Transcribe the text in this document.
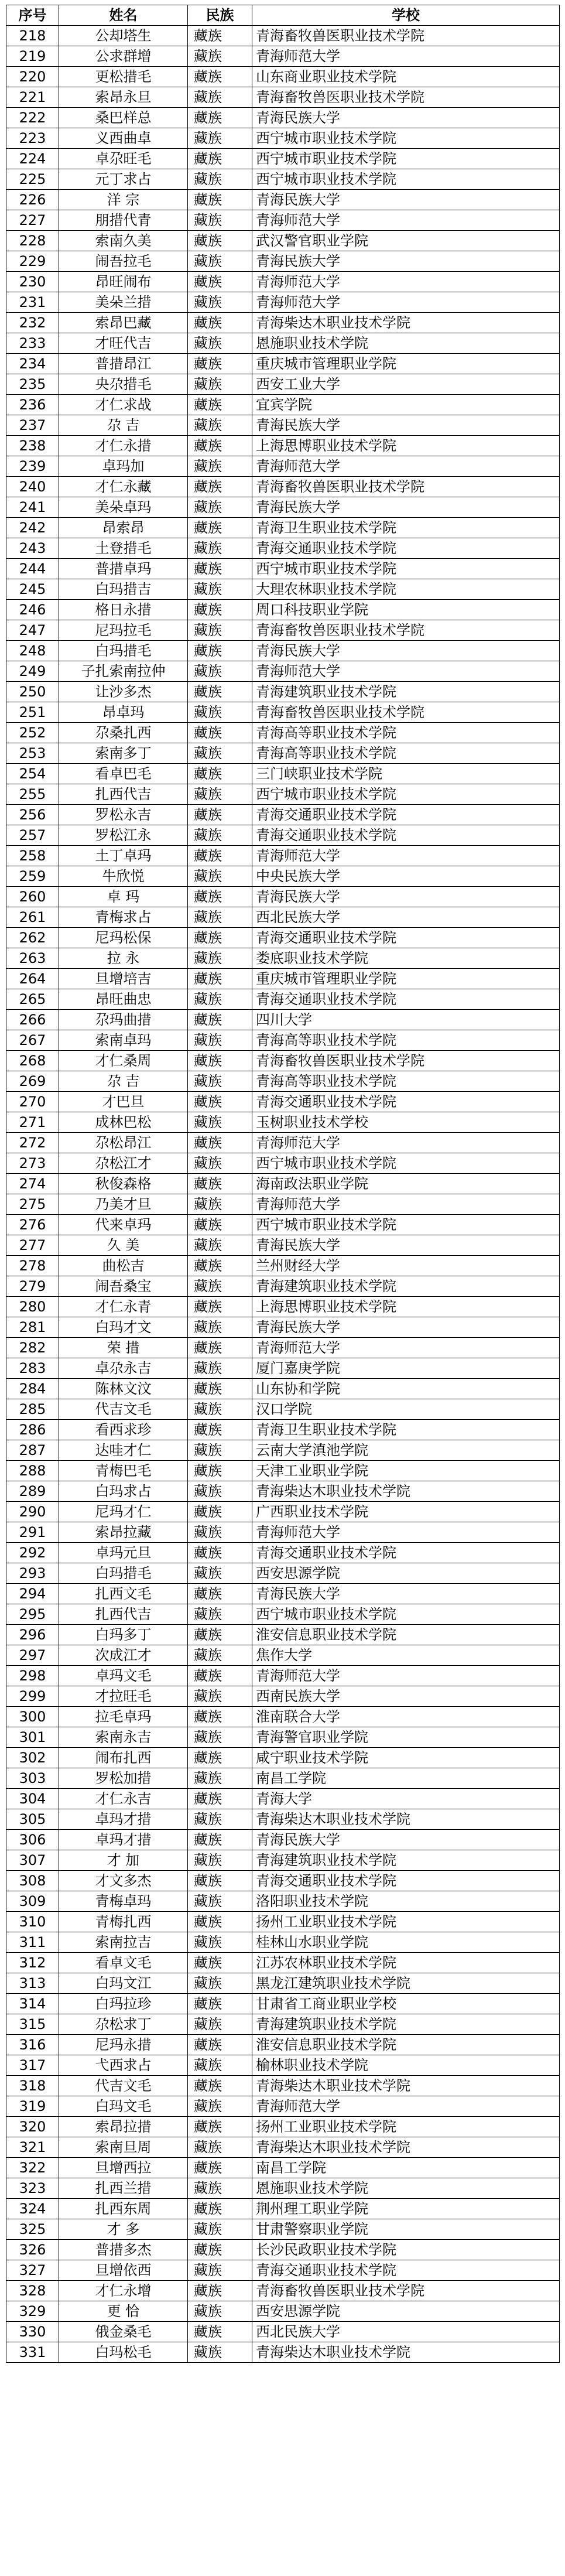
序号	姓名	民族	学校
218	公却塔生	藏族	青海畜牧兽医职业技术学院
219	公求群增	藏族	青海师范大学
220	更松措毛	藏族	山东商业职业技术学院
221	索昂永旦	藏族	青海畜牧兽医职业技术学院
222	桑巴样总	藏族	青海民族大学
223	义西曲卓	藏族	西宁城市职业技术学院
224	卓尕旺毛	藏族	西宁城市职业技术学院
225	元丁求占	藏族	西宁城市职业技术学院
226	洋 宗	藏族	青海民族大学
227	朋措代青	藏族	青海师范大学
228	索南久美	藏族	武汉警官职业学院
229	闹吾拉毛	藏族	青海民族大学
230	昂旺闹布	藏族	青海师范大学
231	美朵兰措	藏族	青海师范大学
232	索昂巴藏	藏族	青海柴达木职业技术学院
233	才旺代吉	藏族	恩施职业技术学院
234	普措昂江	藏族	重庆城市管理职业学院
235	央尕措毛	藏族	西安工业大学
236	才仁求战	藏族	宜宾学院
237	尕 吉	藏族	青海民族大学
238	才仁永措	藏族	上海思博职业技术学院
239	卓玛加	藏族	青海师范大学
240	才仁永藏	藏族	青海畜牧兽医职业技术学院
241	美朵卓玛	藏族	青海民族大学
242	昂索昂	藏族	青海卫生职业技术学院
243	土登措毛	藏族	青海交通职业技术学院
244	普措卓玛	藏族	西宁城市职业技术学院
245	白玛措吉	藏族	大理农林职业技术学院
246	格日永措	藏族	周口科技职业学院
247	尼玛拉毛	藏族	青海畜牧兽医职业技术学院
248	白玛措毛	藏族	青海民族大学
249	子扎索南拉仲	藏族	青海师范大学
250	让沙多杰	藏族	青海建筑职业技术学院
251	昂卓玛	藏族	青海畜牧兽医职业技术学院
252	尕桑扎西	藏族	青海高等职业技术学院
253	索南多丁	藏族	青海高等职业技术学院
254	看卓巴毛	藏族	三门峡职业技术学院
255	扎西代吉	藏族	西宁城市职业技术学院
256	罗松永吉	藏族	青海交通职业技术学院
257	罗松江永	藏族	青海交通职业技术学院
258	土丁卓玛	藏族	青海师范大学
259	牛欣悦	藏族	中央民族大学
260	卓 玛	藏族	青海民族大学
261	青梅求占	藏族	西北民族大学
262	尼玛松保	藏族	青海交通职业技术学院
263	拉 永	藏族	娄底职业技术学院
264	旦增培吉	藏族	重庆城市管理职业学院
265	昂旺曲忠	藏族	青海交通职业技术学院
266	尕玛曲措	藏族	四川大学
267	索南卓玛	藏族	青海高等职业技术学院
268	才仁桑周	藏族	青海畜牧兽医职业技术学院
269	尕 吉	藏族	青海高等职业技术学院
270	才巴旦	藏族	青海交通职业技术学院
271	成林巴松	藏族	玉树职业技术学校
272	尕松昂江	藏族	青海师范大学
273	尕松江才	藏族	西宁城市职业技术学院
274	秋俊森格	藏族	海南政法职业学院
275	乃美才旦	藏族	青海师范大学
276	代来卓玛	藏族	西宁城市职业技术学院
277	久 美	藏族	青海民族大学
278	曲松吉	藏族	兰州财经大学
279	闹吾桑宝	藏族	青海建筑职业技术学院
280	才仁永青	藏族	上海思博职业技术学院
281	白玛才文	藏族	青海民族大学
282	荣 措	藏族	青海师范大学
283	卓尕永吉	藏族	厦门嘉庚学院
284	陈林文汶	藏族	山东协和学院
285	代吉文毛	藏族	汉口学院
286	看西求珍	藏族	青海卫生职业技术学院
287	达哇才仁	藏族	云南大学滇池学院
288	青梅巴毛	藏族	天津工业职业学院
289	白玛求占	藏族	青海柴达木职业技术学院
290	尼玛才仁	藏族	广西职业技术学院
291	索昂拉藏	藏族	青海师范大学
292	卓玛元旦	藏族	青海交通职业技术学院
293	白玛措毛	藏族	西安思源学院
294	扎西文毛	藏族	青海民族大学
295	扎西代吉	藏族	西宁城市职业技术学院
296	白玛多丁	藏族	淮安信息职业技术学院
297	次成江才	藏族	焦作大学
298	卓玛文毛	藏族	青海师范大学
299	才拉旺毛	藏族	西南民族大学
300	拉毛卓玛	藏族	淮南联合大学
301	索南永吉	藏族	青海警官职业学院
302	闹布扎西	藏族	咸宁职业技术学院
303	罗松加措	藏族	南昌工学院
304	才仁永吉	藏族	青海大学
305	卓玛才措	藏族	青海柴达木职业技术学院
306	卓玛才措	藏族	青海民族大学
307	才 加	藏族	青海建筑职业技术学院
308	才文多杰	藏族	青海交通职业技术学院
309	青梅卓玛	藏族	洛阳职业技术学院
310	青梅扎西	藏族	扬州工业职业技术学院
311	索南拉吉	藏族	桂林山水职业学院
312	看卓文毛	藏族	江苏农林职业技术学院
313	白玛文江	藏族	黑龙江建筑职业技术学院
314	白玛拉珍	藏族	甘肃省工商业职业学校
315	尕松求丁	藏族	青海建筑职业技术学院
316	尼玛永措	藏族	淮安信息职业技术学院
317	弋西求占	藏族	榆林职业技术学院
318	代吉文毛	藏族	青海柴达木职业技术学院
319	白玛文毛	藏族	青海师范大学
320	索昂拉措	藏族	扬州工业职业技术学院
321	索南旦周	藏族	青海柴达木职业技术学院
322	旦增西拉	藏族	南昌工学院
323	扎西兰措	藏族	恩施职业技术学院
324	扎西东周	藏族	荆州理工职业学院
325	才 多	藏族	甘肃警察职业学院
326	普措多杰	藏族	长沙民政职业技术学院
327	旦增依西	藏族	青海交通职业技术学院
328	才仁永增	藏族	青海畜牧兽医职业技术学院
329	更 恰	藏族	西安思源学院
330	俄金桑毛	藏族	西北民族大学
331	白玛松毛	藏族	青海柴达木职业技术学院
